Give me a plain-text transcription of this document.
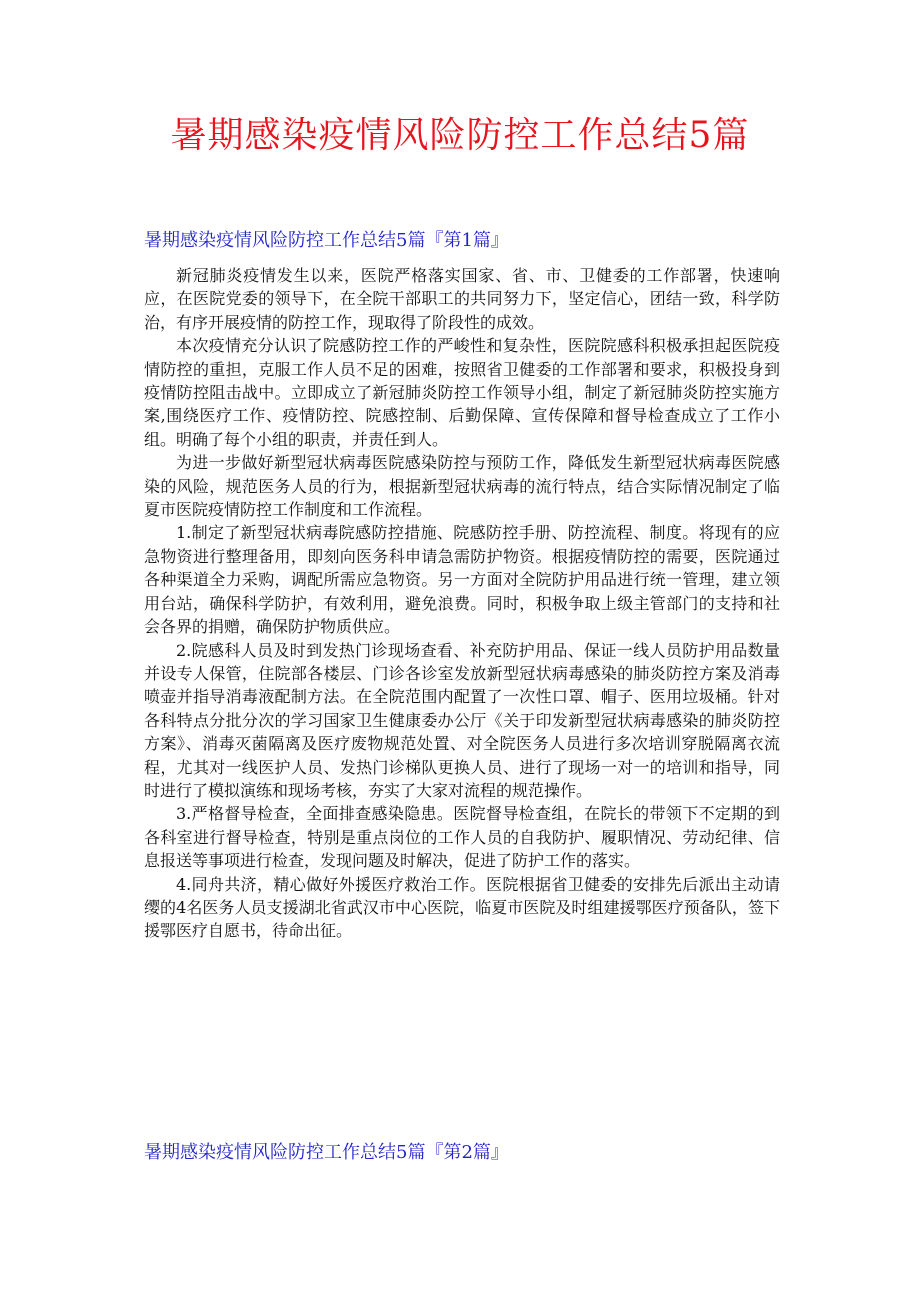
暑期感染疫情风险防控工作总结5篇
暑期感染疫情风险防控工作总结5篇『第1篇』

新冠肺炎疫情发生以来，医院严格落实国家、省、市、卫健委的工作部署，快速响应，在医院党委的领导下，在全院干部职工的共同努力下，坚定信心，团结一致，科学防治，有序开展疫情的防控工作，现取得了阶段性的成效。

本次疫情充分认识了院感防控工作的严峻性和复杂性，医院院感科积极承担起医院疫情防控的重担，克服工作人员不足的困难，按照省卫健委的工作部署和要求，积极投身到疫情防控阻击战中。立即成立了新冠肺炎防控工作领导小组，制定了新冠肺炎防控实施方案,围绕医疗工作、疫情防控、院感控制、后勤保障、宣传保障和督导检查成立了工作小组。明确了每个小组的职责，并责任到人。

为进一步做好新型冠状病毒医院感染防控与预防工作，降低发生新型冠状病毒医院感染的风险，规范医务人员的行为，根据新型冠状病毒的流行特点，结合实际情况制定了临夏市医院疫情防控工作制度和工作流程。

1.制定了新型冠状病毒院感防控措施、院感防控手册、防控流程、制度。将现有的应急物资进行整理备用，即刻向医务科申请急需防护物资。根据疫情防控的需要，医院通过各种渠道全力采购，调配所需应急物资。另一方面对全院防护用品进行统一管理，建立领用台站，确保科学防护，有效利用，避免浪费。同时，积极争取上级主管部门的支持和社会各界的捐赠，确保防护物质供应。

2.院感科人员及时到发热门诊现场查看、补充防护用品、保证一线人员防护用品数量并设专人保管，住院部各楼层、门诊各诊室发放新型冠状病毒感染的肺炎防控方案及消毒喷壶并指导消毒液配制方法。在全院范围内配置了一次性口罩、帽子、医用垃圾桶。针对各科特点分批分次的学习国家卫生健康委办公厅《关于印发新型冠状病毒感染的肺炎防控方案》、消毒灭菌隔离及医疗废物规范处置、对全院医务人员进行多次培训穿脱隔离衣流程，尤其对一线医护人员、发热门诊梯队更换人员、进行了现场一对一的培训和指导，同时进行了模拟演练和现场考核，夯实了大家对流程的规范操作。

3.严格督导检查，全面排查感染隐患。医院督导检查组，在院长的带领下不定期的到各科室进行督导检查，特别是重点岗位的工作人员的自我防护、履职情况、劳动纪律、信息报送等事项进行检查，发现问题及时解决，促进了防护工作的落实。

4.同舟共济，精心做好外援医疗救治工作。医院根据省卫健委的安排先后派出主动请缨的4名医务人员支援湖北省武汉市中心医院，临夏市医院及时组建援鄂医疗预备队，签下援鄂医疗自愿书，待命出征。

暑期感染疫情风险防控工作总结5篇『第2篇』
